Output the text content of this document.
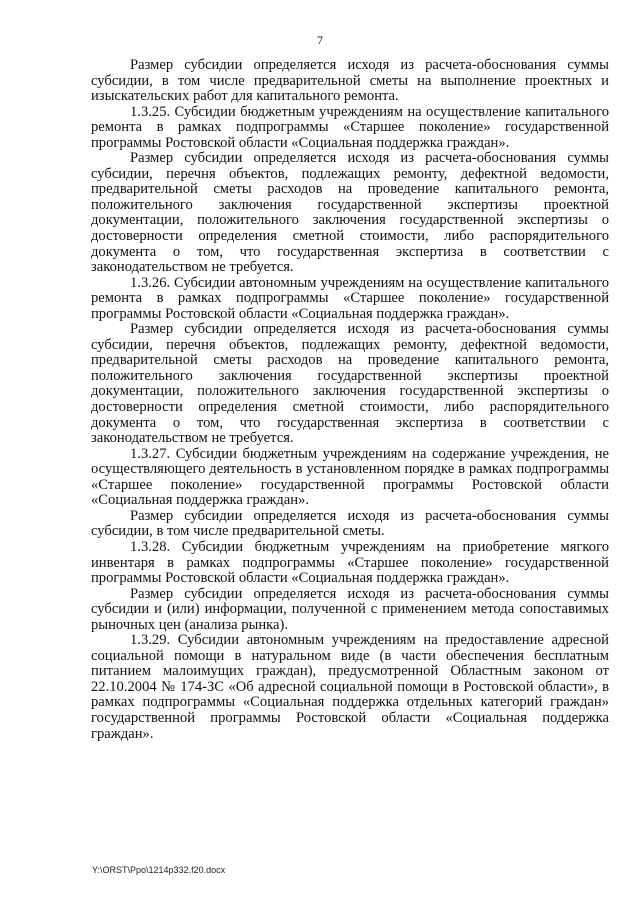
7

Размер субсидии определяется исходя из расчета-обоснования суммы субсидии, в том числе предварительной сметы на выполнение проектных и изыскательских работ для капитального ремонта.

1.3.25. Субсидии бюджетным учреждениям на осуществление капитального ремонта в рамках подпрограммы «Старшее поколение» государственной программы Ростовской области «Социальная поддержка граждан».

Размер субсидии определяется исходя из расчета-обоснования суммы субсидии, перечня объектов, подлежащих ремонту, дефектной ведомости, предварительной сметы расходов на проведение капитального ремонта, положительного заключения государственной экспертизы проектной документации, положительного заключения государственной экспертизы о достоверности определения сметной стоимости, либо распорядительного документа о том, что государственная экспертиза в соответствии с законодательством не требуется.

1.3.26. Субсидии автономным учреждениям на осуществление капитального ремонта в рамках подпрограммы «Старшее поколение» государственной программы Ростовской области «Социальная поддержка граждан».

Размер субсидии определяется исходя из расчета-обоснования суммы субсидии, перечня объектов, подлежащих ремонту, дефектной ведомости, предварительной сметы расходов на проведение капитального ремонта, положительного заключения государственной экспертизы проектной документации, положительного заключения государственной экспертизы о достоверности определения сметной стоимости, либо распорядительного документа о том, что государственная экспертиза в соответствии с законодательством не требуется.

1.3.27. Субсидии бюджетным учреждениям на содержание учреждения, не осуществляющего деятельность в установленном порядке в рамках подпрограммы «Старшее поколение» государственной программы Ростовской области «Социальная поддержка граждан».

Размер субсидии определяется исходя из расчета-обоснования суммы субсидии, в том числе предварительной сметы.

1.3.28. Субсидии бюджетным учреждениям на приобретение мягкого инвентаря в рамках подпрограммы «Старшее поколение» государственной программы Ростовской области «Социальная поддержка граждан».

Размер субсидии определяется исходя из расчета-обоснования суммы субсидии и (или) информации, полученной с применением метода сопоставимых рыночных цен (анализа рынка).

1.3.29. Субсидии автономным учреждениям на предоставление адресной социальной помощи в натуральном виде (в части обеспечения бесплатным питанием малоимущих граждан), предусмотренной Областным законом от 22.10.2004 № 174-ЗС «Об адресной социальной помощи в Ростовской области», в рамках подпрограммы «Социальная поддержка отдельных категорий граждан» государственной программы Ростовской области «Социальная поддержка граждан».

Y:\ORST\Ppo\1214p332.f20.docx
